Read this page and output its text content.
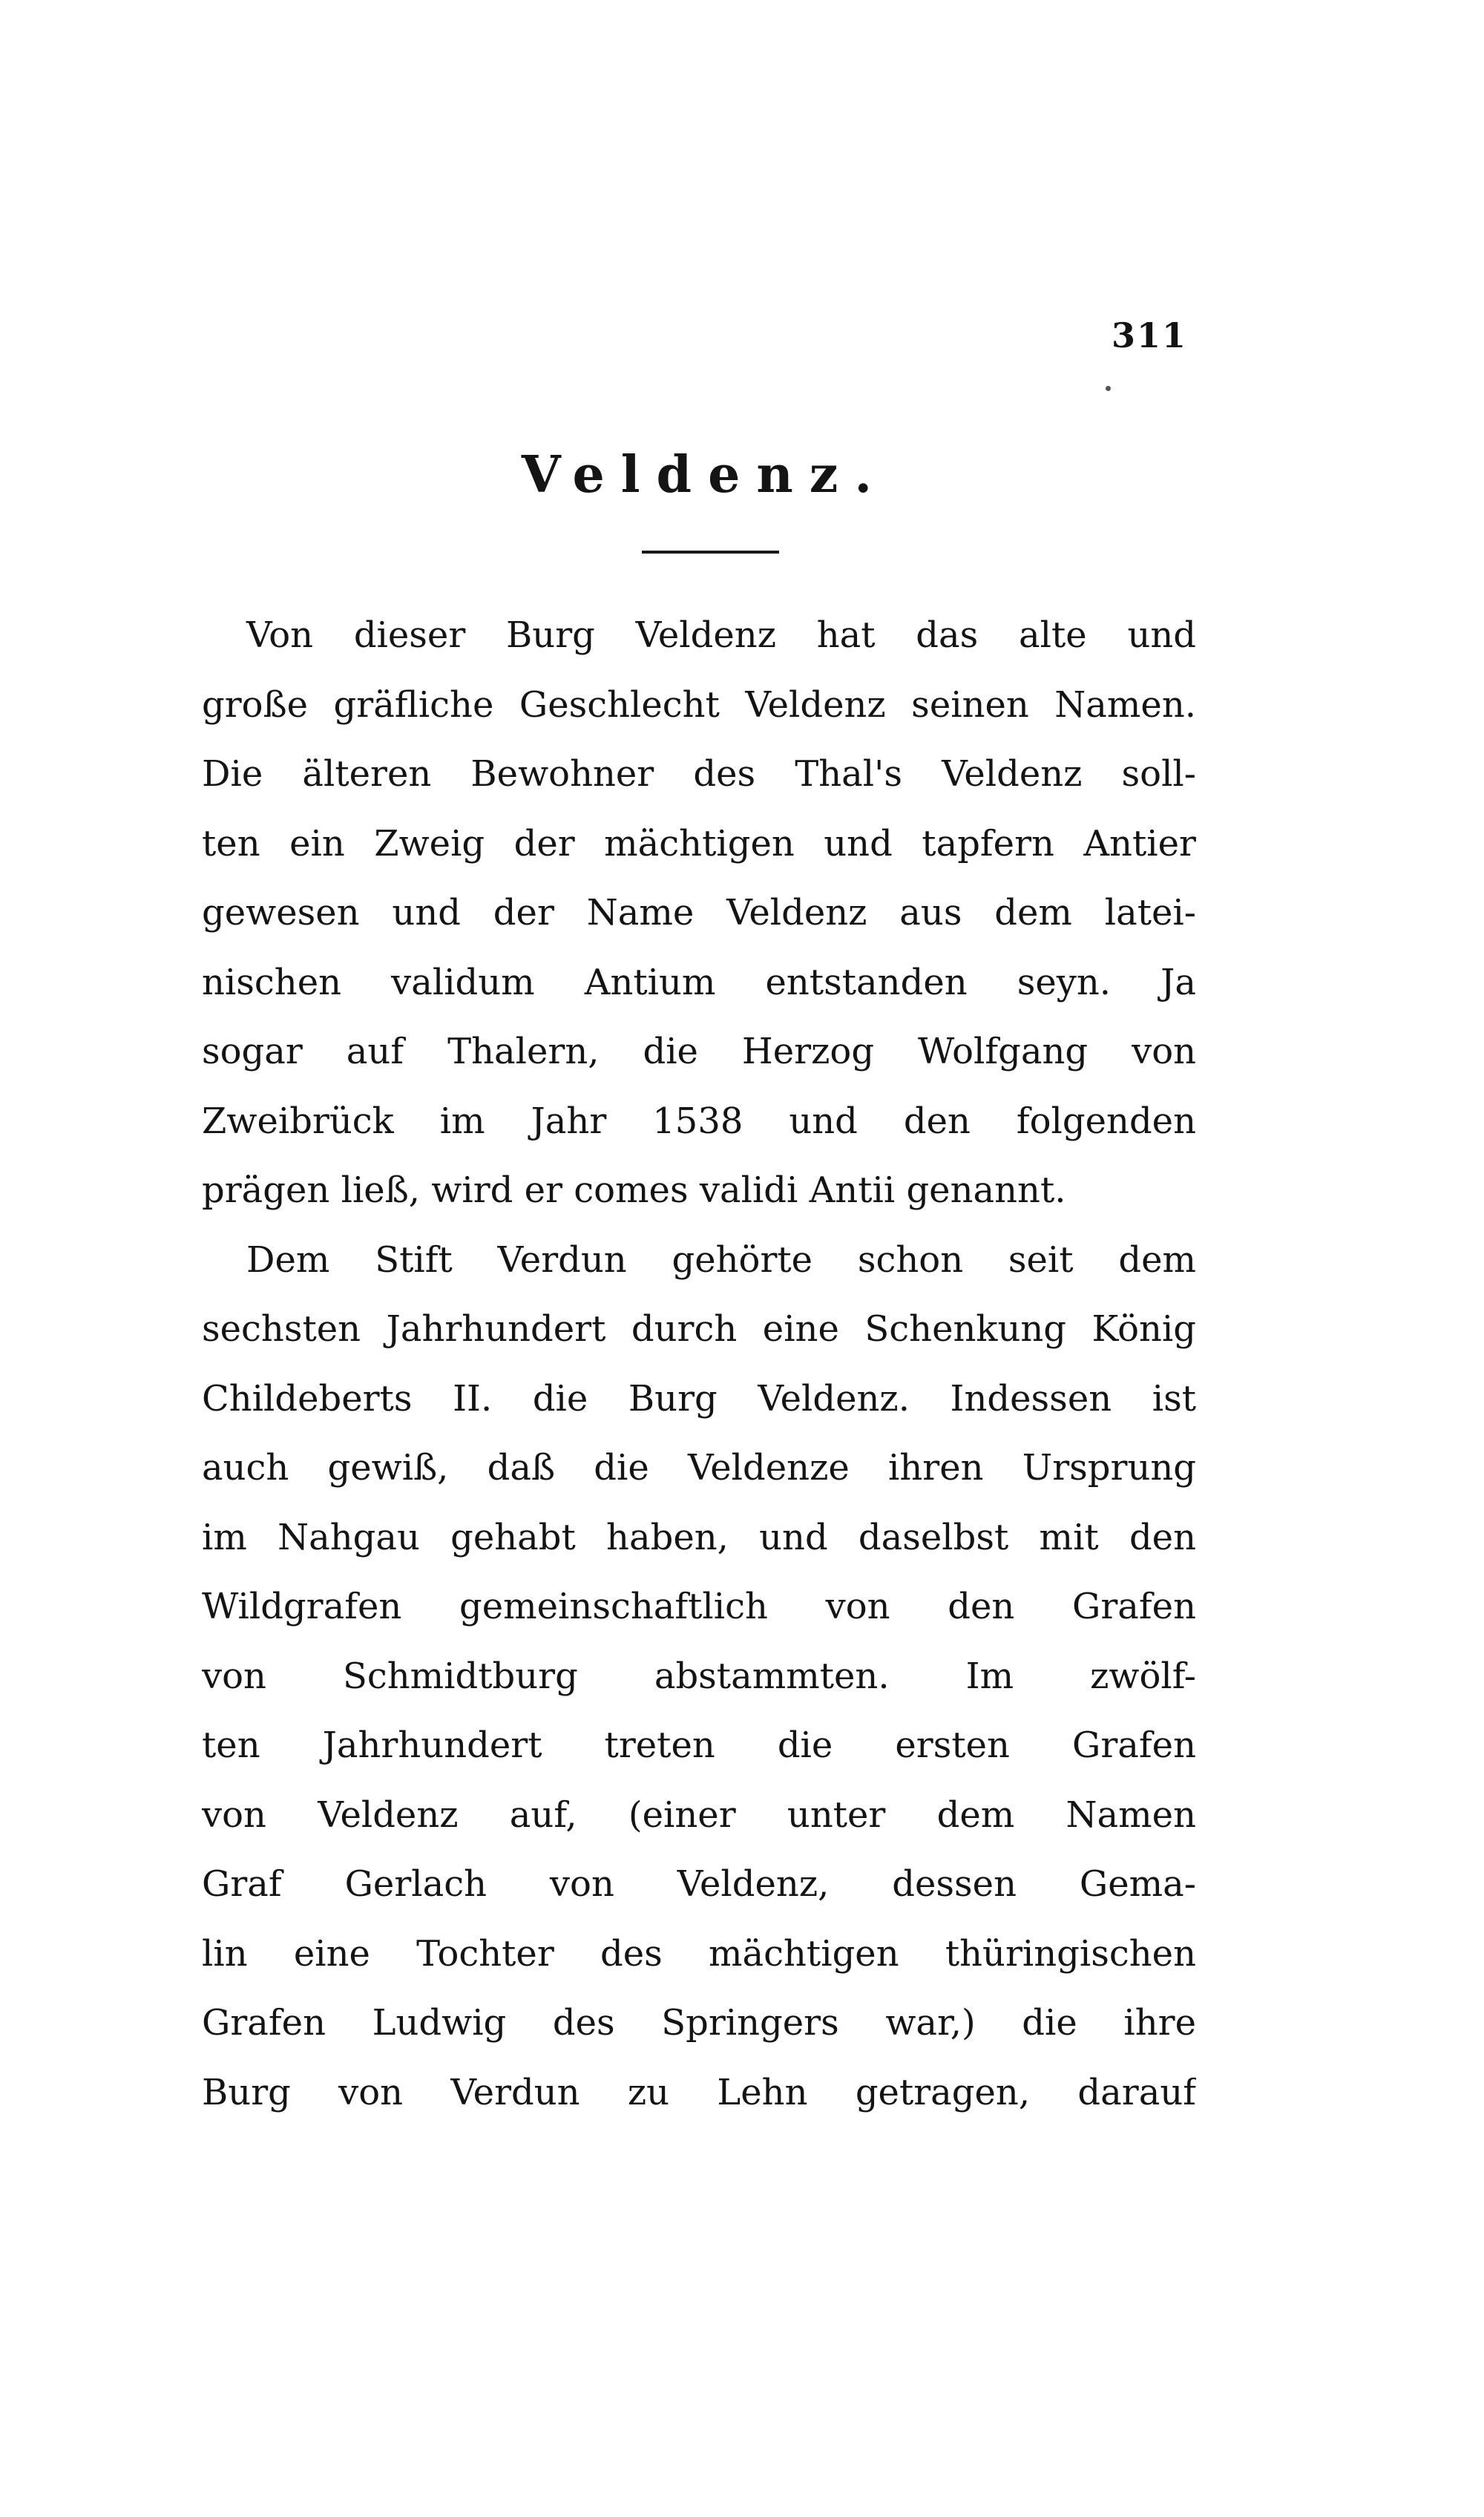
311
Veldenz.
Von dieser Burg Veldenz hat das alte und
große gräfliche Geschlecht Veldenz seinen Namen.
Die älteren Bewohner des Thal's Veldenz soll-
ten ein Zweig der mächtigen und tapfern Antier
gewesen und der Name Veldenz aus dem latei-
nischen validum Antium entstanden seyn. Ja
sogar auf Thalern, die Herzog Wolfgang von
Zweibrück im Jahr 1538 und den folgenden
prägen ließ, wird er comes validi Antii genannt.
Dem Stift Verdun gehörte schon seit dem
sechsten Jahrhundert durch eine Schenkung König
Childeberts II. die Burg Veldenz. Indessen ist
auch gewiß, daß die Veldenze ihren Ursprung
im Nahgau gehabt haben, und daselbst mit den
Wildgrafen gemeinschaftlich von den Grafen
von Schmidtburg abstammten. Im zwölf-
ten Jahrhundert treten die ersten Grafen
von Veldenz auf, (einer unter dem Namen
Graf Gerlach von Veldenz, dessen Gema-
lin eine Tochter des mächtigen thüringischen
Grafen Ludwig des Springers war,) die ihre
Burg von Verdun zu Lehn getragen, darauf
